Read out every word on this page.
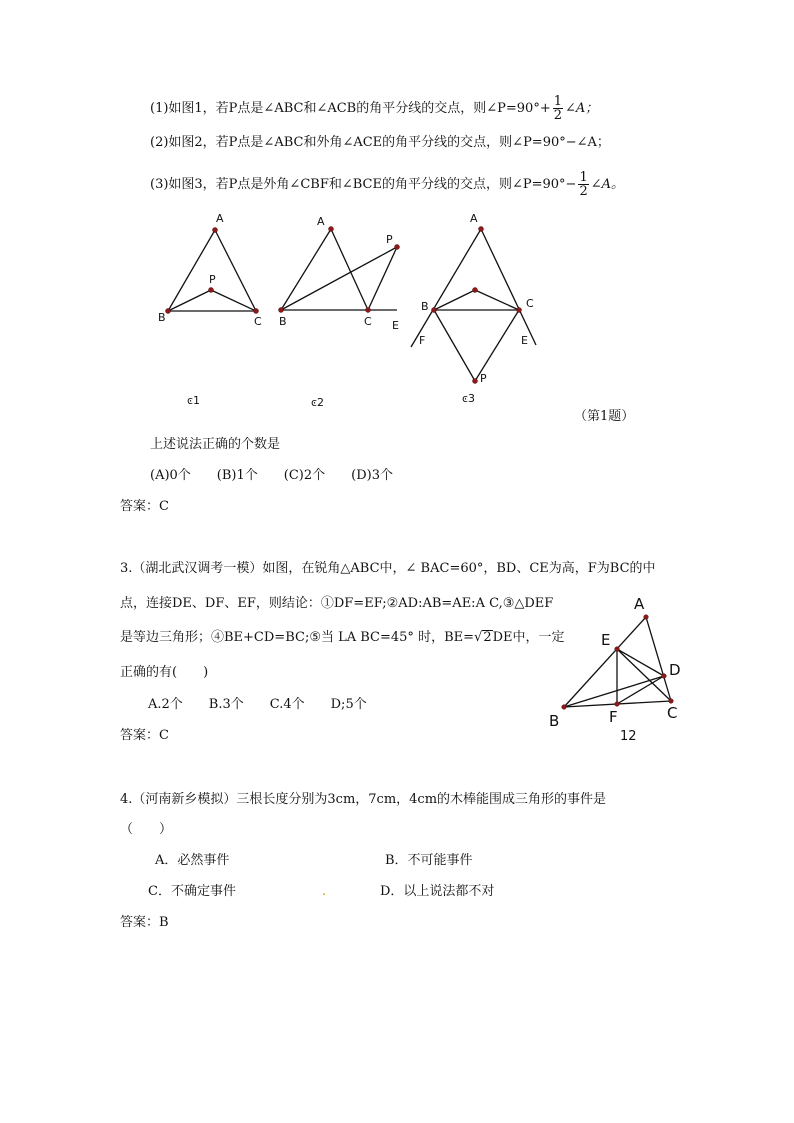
(1)如图1，若P点是∠ABC和∠ACB的角平分线的交点，则∠P=90°+ $\frac{1}{2}$ ∠A；
(2)如图2，若P点是∠ABC和外角∠ACE的角平分线的交点，则∠P=90°−∠A；
(3)如图3，若P点是外角∠CBF和∠BCE的角平分线的交点，则∠P=90°− $\frac{1}{2}$ ∠A。
A
P
B	C
ͼ1
A
P
B	C E
ͼ2
A
B	C
F	E
P
ͼ3
（第1题）
上述说法正确的个数是
(A)0个　　(B)1个　　(C)2个　　(D)3个
答案：C
3.（湖北武汉调考一模）如图，在锐角△ABC中，∠ BAC=60°，BD、CE为高，F为BC的中
点，连接DE、DF、EF，则结论：①DF=EF;②AD:AB=AE:A C,③△DEF
是等边三角形；④BE+CD=BC;⑤当 LA BC=45° 时，BE=√2DE中，一定
正确的有(　　)
A.2个　　B.3个　　C.4个　　D;5个
答案：C
A
E
D
B	F	C
12
4.（河南新乡模拟）三根长度分别为3cm，7cm，4cm的木棒能围成三角形的事件是
（　　）
A．必然事件	B．不可能事件
C．不确定事件	.	D．以上说法都不对
答案：B
